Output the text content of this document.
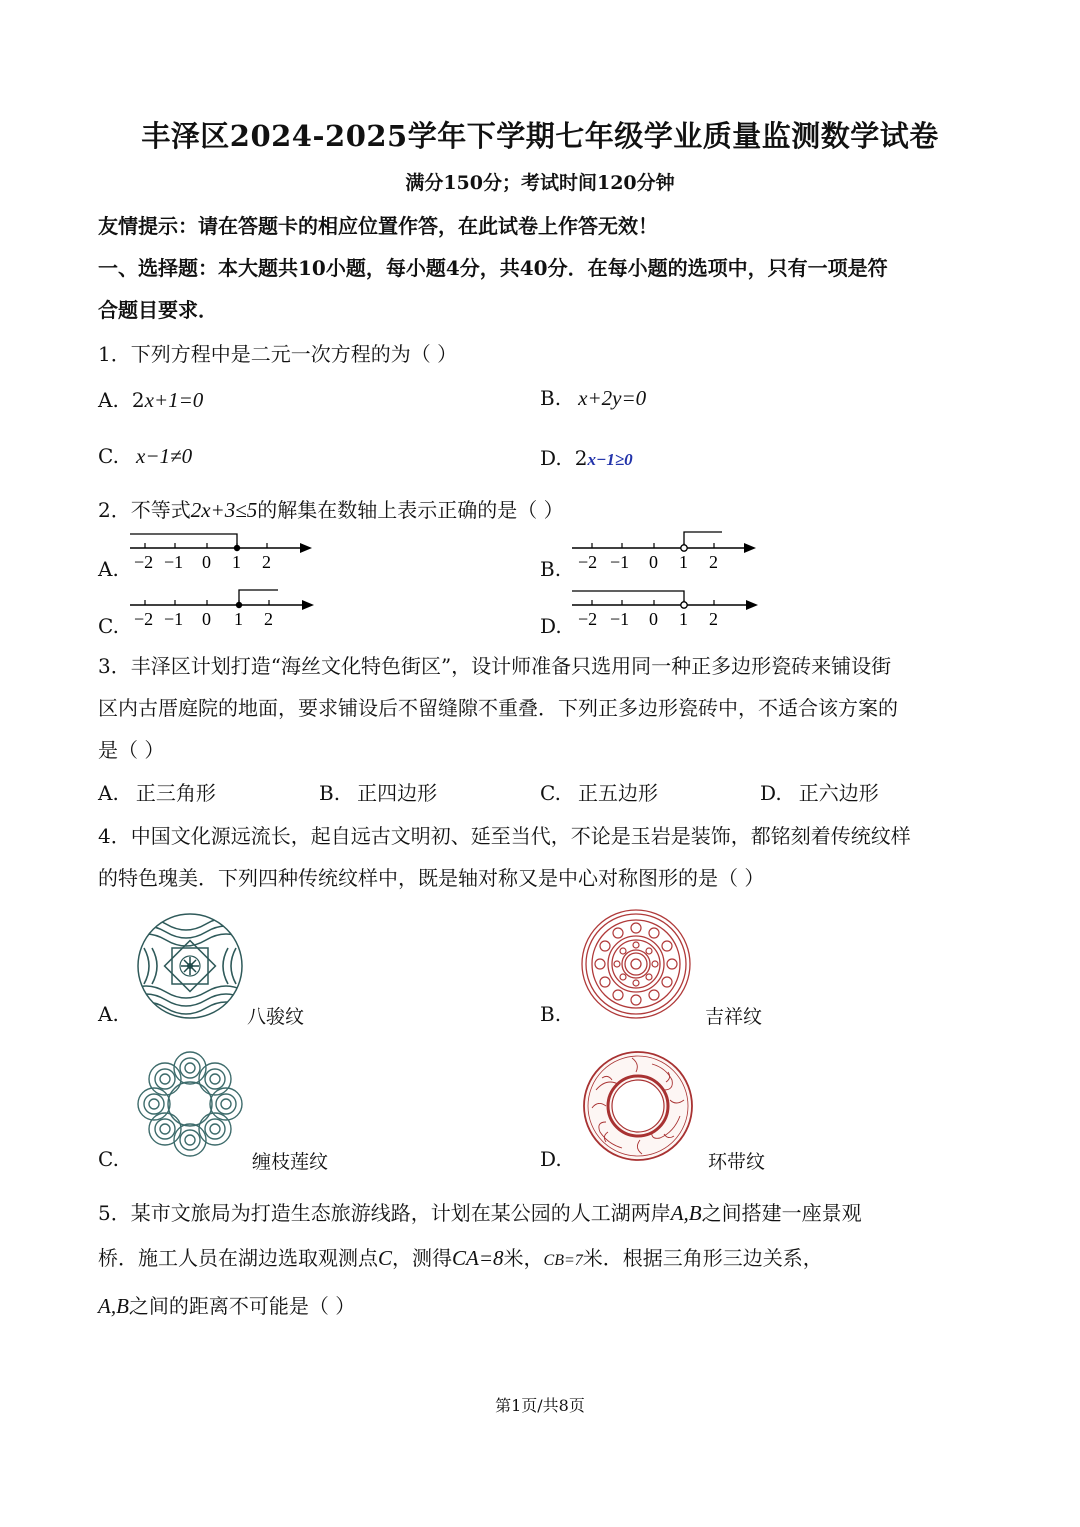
丰泽区2024-2025学年下学期七年级学业质量监测数学试卷
满分150分；考试时间120分钟
友情提示：请在答题卡的相应位置作答，在此试卷上作答无效！
一、选择题：本大题共10小题，每小题4分，共40分．在每小题的选项中，只有一项是符
合题目要求．
1．下列方程中是二元一次方程的为（ ）
A. 2x+1=0	B. x+2y=0
C. x−1≠0	D. 2x−1≥0
2．不等式2x+3≤5的解集在数轴上表示正确的是（ ）
A.	B.
C.	D.
−2 −1 0 1 2	−2 −1 0 1 2
−2 −1 0 1 2	−2 −1 0 1 2
3．丰泽区计划打造“海丝文化特色街区”，设计师准备只选用同一种正多边形瓷砖来铺设街
区内古厝庭院的地面，要求铺设后不留缝隙不重叠．下列正多边形瓷砖中，不适合该方案的
是（ ）
A. 正三角形	B. 正四边形	C. 正五边形	D. 正六边形
4．中国文化源远流长，起自远古文明初、延至当代，不论是玉岩是装饰，都铭刻着传统纹样
的特色瑰美．下列四种传统纹样中，既是轴对称又是中心对称图形的是（ ）
A.	八骏纹	B.	吉祥纹
C.	缠枝莲纹	D.	环带纹
5．某市文旅局为打造生态旅游线路，计划在某公园的人工湖两岸A,B之间搭建一座景观
桥．施工人员在湖边选取观测点C，测得CA=8米，CB=7米．根据三角形三边关系，
A,B之间的距离不可能是（ ）
第1页/共8页
